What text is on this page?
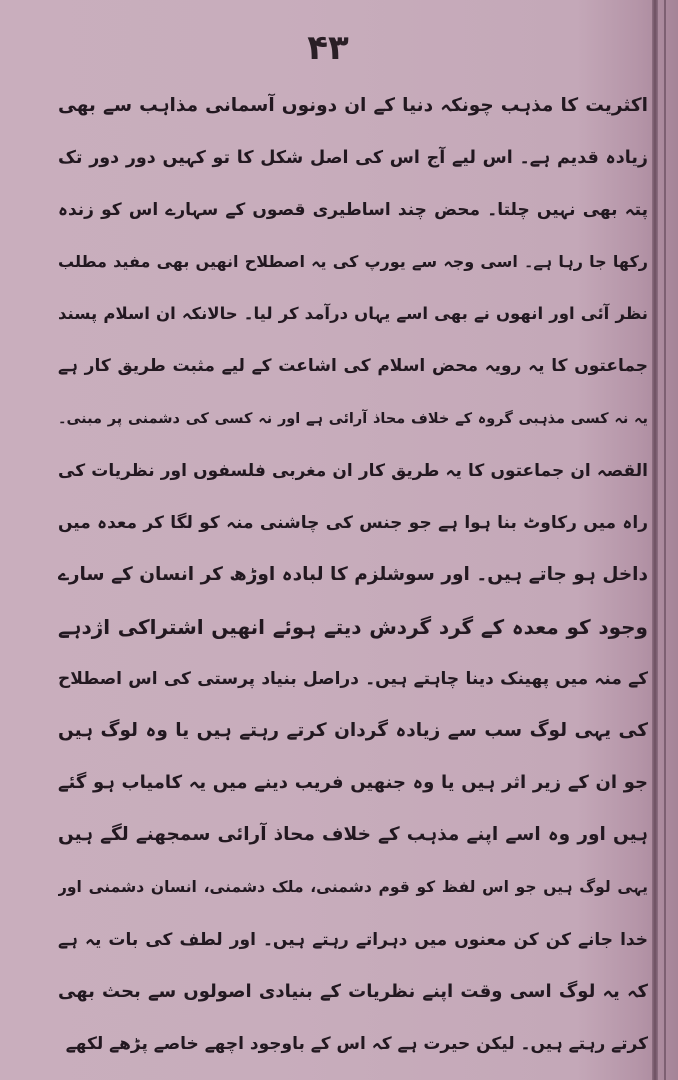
۴۳
اکثریت کا مذہب چونکہ دنیا کے ان دونوں آسمانی مذاہب سے بھی
زیادہ قدیم ہے۔ اس لیے آج اس کی اصل شکل کا تو کہیں دور دور تک
پتہ بھی نہیں چلتا۔ محض چند اساطیری قصوں کے سہارے اس کو زندہ
رکھا جا رہا ہے۔ اسی وجہ سے یورپ کی یہ اصطلاح انھیں بھی مفید مطلب
نظر آئی اور انھوں نے بھی اسے یہاں درآمد کر لیا۔ حالانکہ ان اسلام پسند
جماعتوں کا یہ رویہ محض اسلام کی اشاعت کے لیے مثبت طریق کار ہے
یہ نہ کسی مذہبی گروہ کے خلاف محاذ آرائی ہے اور نہ کسی کی دشمنی پر مبنی۔
القصہ ان جماعتوں کا یہ طریق کار ان مغربی فلسفوں اور نظریات کی
راہ میں رکاوٹ بنا ہوا ہے جو جنس کی چاشنی منہ کو لگا کر معدہ میں
داخل ہو جاتے ہیں۔ اور سوشلزم کا لبادہ اوڑھ کر انسان کے سارے
وجود کو معدہ کے گرد گردش دیتے ہوئے انھیں اشتراکی اژدہے
کے منہ میں پھینک دینا چاہتے ہیں۔ دراصل بنیاد پرستی کی اس اصطلاح
کی یہی لوگ سب سے زیادہ گردان کرتے رہتے ہیں یا وہ لوگ ہیں
جو ان کے زیر اثر ہیں یا وہ جنھیں فریب دینے میں یہ کامیاب ہو گئے
ہیں اور وہ اسے اپنے مذہب کے خلاف محاذ آرائی سمجھنے لگے ہیں
یہی لوگ ہیں جو اس لفظ کو قوم دشمنی، ملک دشمنی، انسان دشمنی اور
خدا جانے کن کن معنوں میں دہراتے رہتے ہیں۔ اور لطف کی بات یہ ہے
کہ یہ لوگ اسی وقت اپنے نظریات کے بنیادی اصولوں سے بحث بھی
کرتے رہتے ہیں۔ لیکن حیرت ہے کہ اس کے باوجود اچھے خاصے پڑھے لکھے
